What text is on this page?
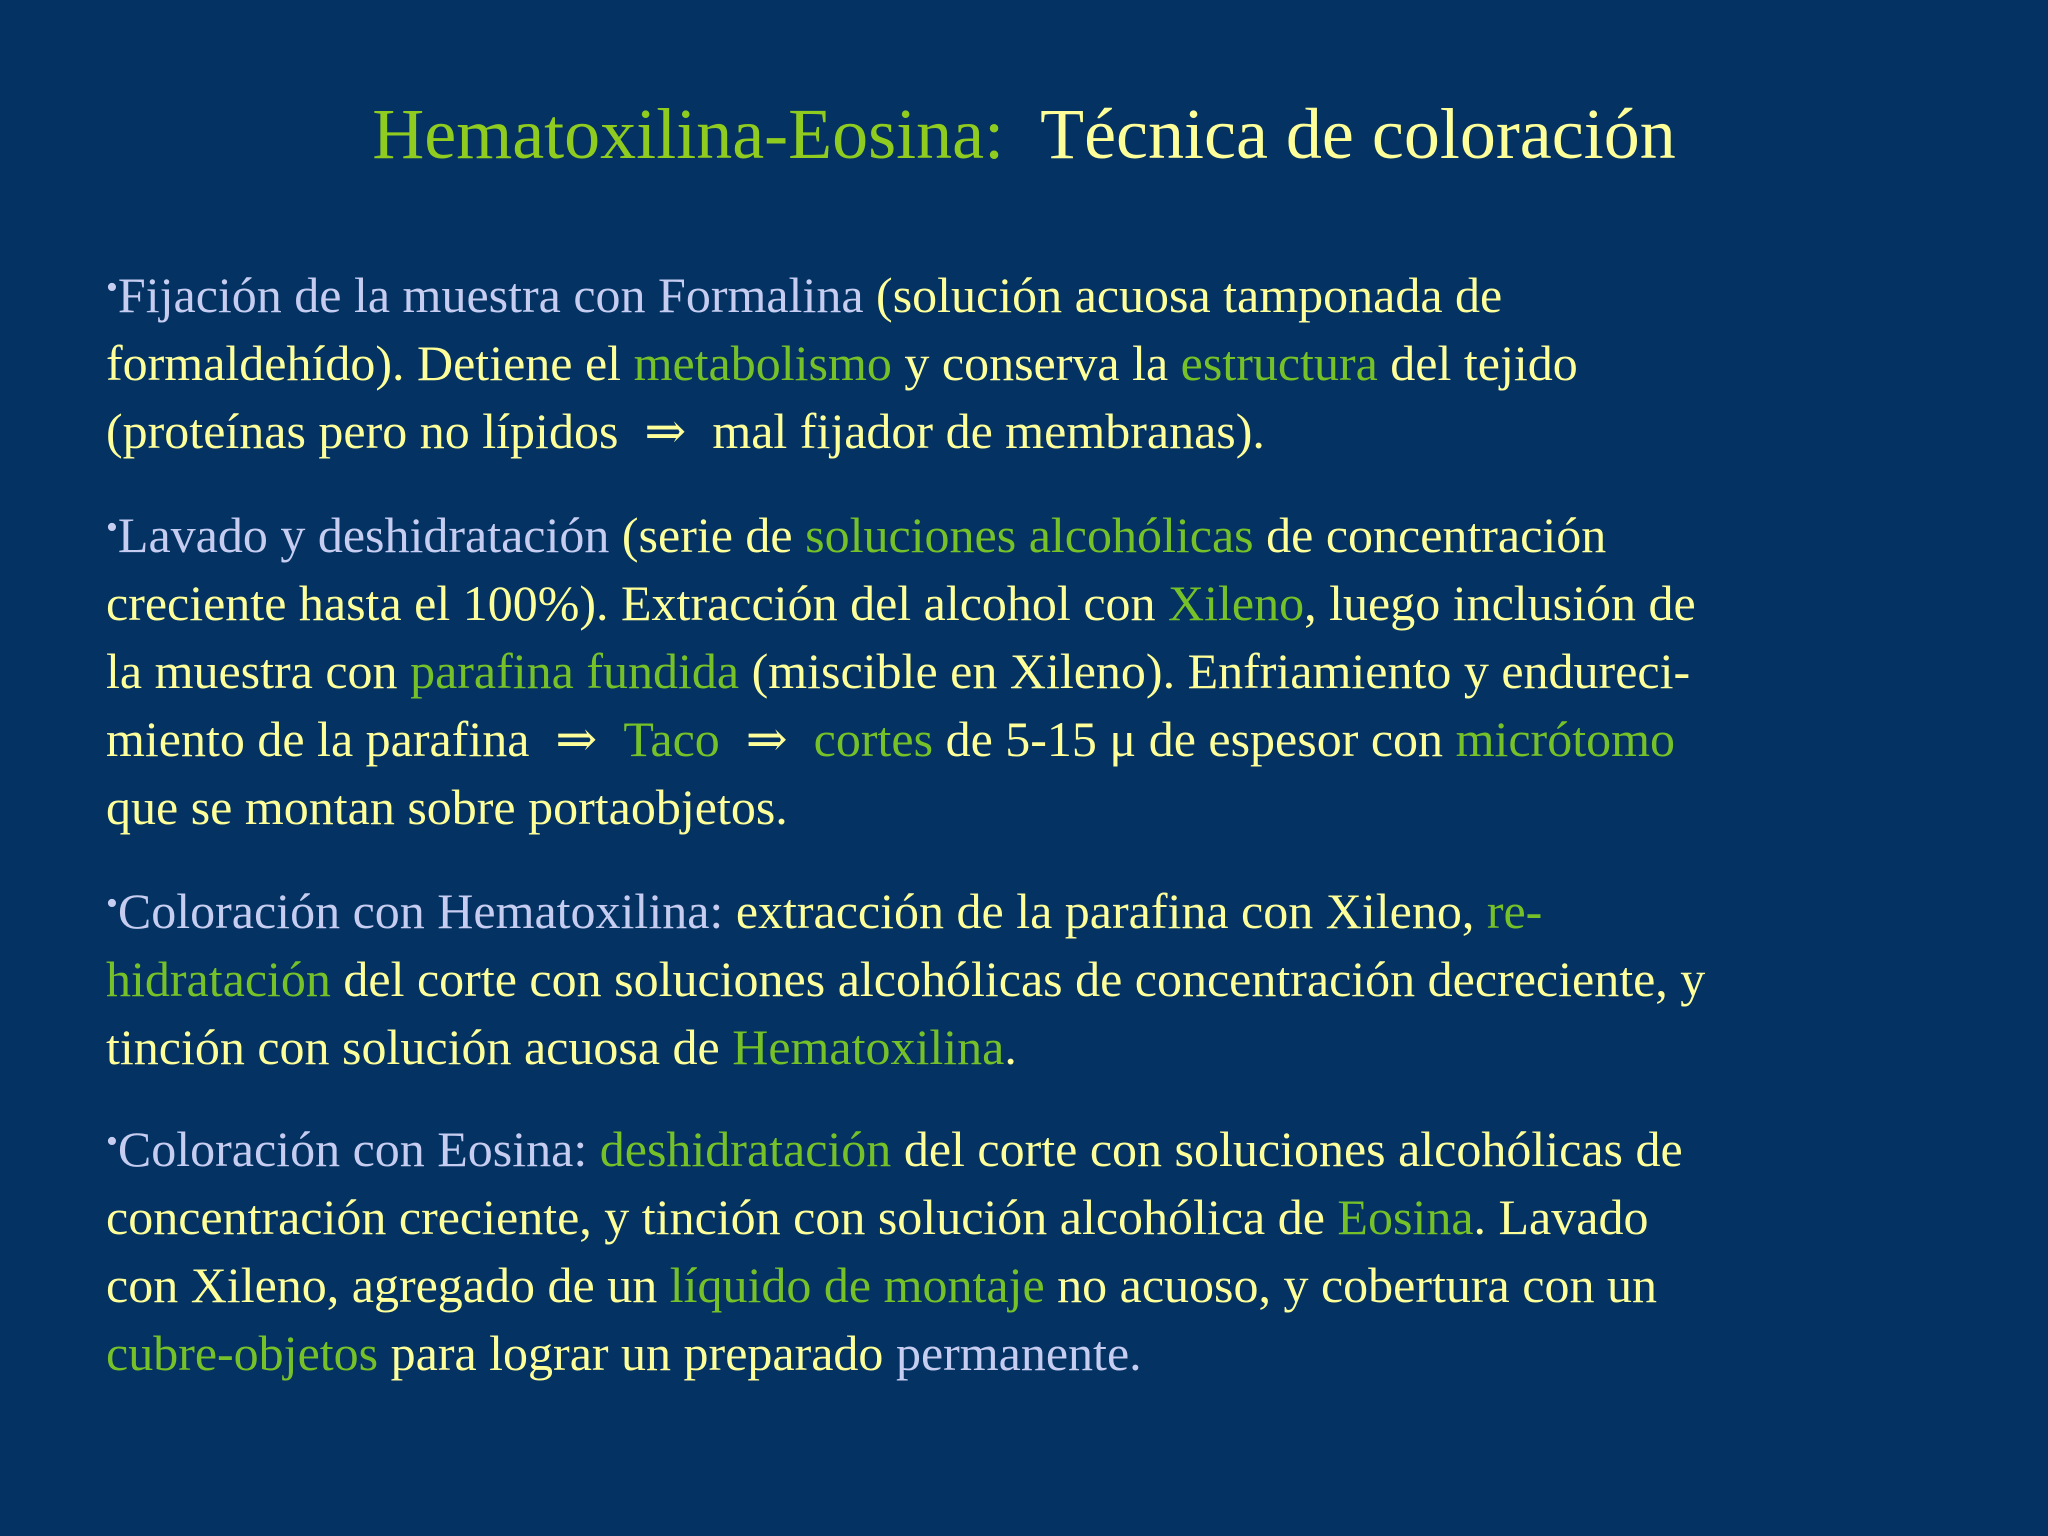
Hematoxilina-Eosina: Técnica de coloración
•Fijación de la muestra con Formalina (solución acuosa tamponada de
formaldehído). Detiene el metabolismo y conserva la estructura del tejido
(proteínas pero no lípidos ⇒ mal fijador de membranas).
•Lavado y deshidratación (serie de soluciones alcohólicas de concentración
creciente hasta el 100%). Extracción del alcohol con Xileno, luego inclusión de
la muestra con parafina fundida (miscible en Xileno). Enfriamiento y endureci-
miento de la parafina ⇒ Taco ⇒ cortes de 5-15 μ de espesor con micrótomo
que se montan sobre portaobjetos.
•Coloración con Hematoxilina: extracción de la parafina con Xileno, re-
hidratación del corte con soluciones alcohólicas de concentración decreciente, y
tinción con solución acuosa de Hematoxilina.
•Coloración con Eosina: deshidratación del corte con soluciones alcohólicas de
concentración creciente, y tinción con solución alcohólica de Eosina. Lavado
con Xileno, agregado de un líquido de montaje no acuoso, y cobertura con un
cubre-objetos para lograr un preparado permanente.
